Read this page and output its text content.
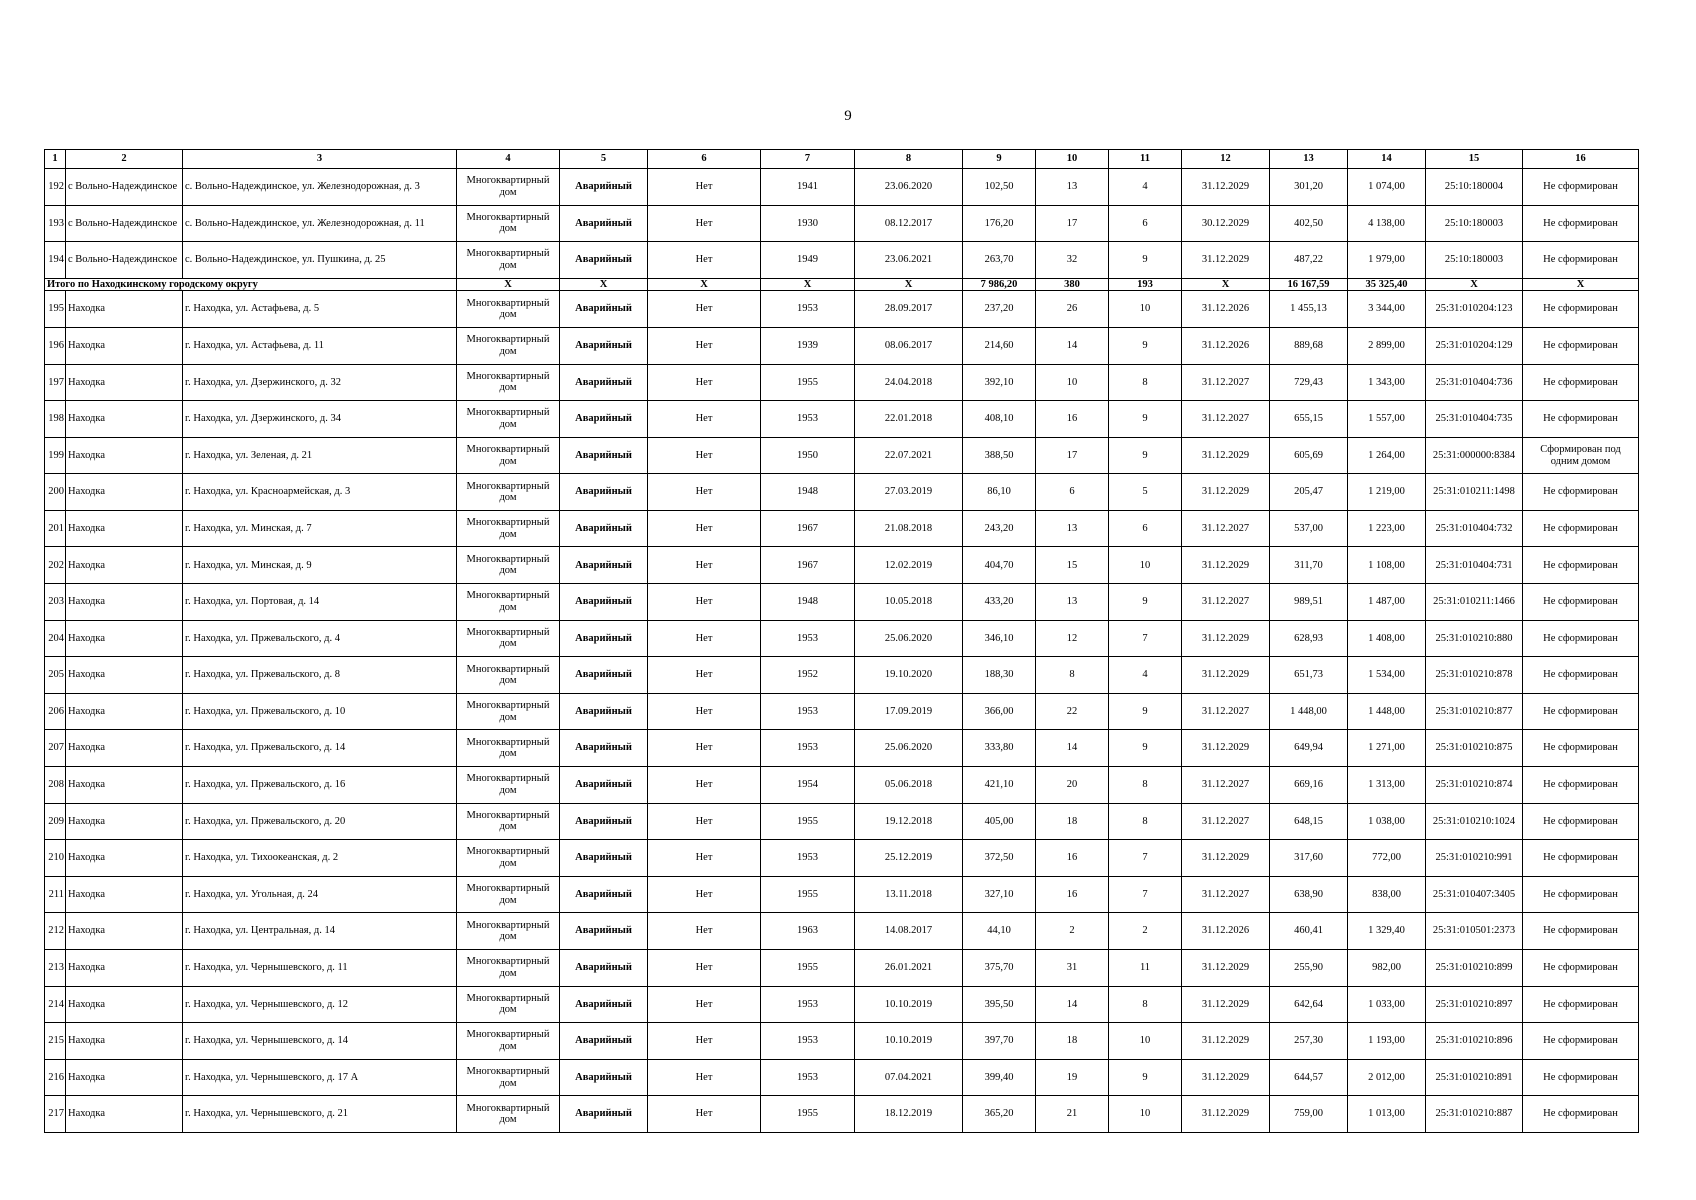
9
1	2	3	4	5	6	7	8	9	10	11	12	13	14	15	16
192	с Вольно-Надеждинское	с. Вольно-Надеждинское, ул. Железнодорожная, д. 3	Многоквартирный дом	Аварийный	Нет	1941	23.06.2020	102,50	13	4	31.12.2029	301,20	1 074,00	25:10:180004	Не сформирован
193	с Вольно-Надеждинское	с. Вольно-Надеждинское, ул. Железнодорожная, д. 11	Многоквартирный дом	Аварийный	Нет	1930	08.12.2017	176,20	17	6	30.12.2029	402,50	4 138,00	25:10:180003	Не сформирован
194	с Вольно-Надеждинское	с. Вольно-Надеждинское, ул. Пушкина, д. 25	Многоквартирный дом	Аварийный	Нет	1949	23.06.2021	263,70	32	9	31.12.2029	487,22	1 979,00	25:10:180003	Не сформирован
Итого по Находкинскому городскому округу			Х	Х	Х	Х	Х	7 986,20	380	193	Х	16 167,59	35 325,40	Х	Х
195	Находка	г. Находка, ул. Астафьева, д. 5	Многоквартирный дом	Аварийный	Нет	1953	28.09.2017	237,20	26	10	31.12.2026	1 455,13	3 344,00	25:31:010204:123	Не сформирован
196	Находка	г. Находка, ул. Астафьева, д. 11	Многоквартирный дом	Аварийный	Нет	1939	08.06.2017	214,60	14	9	31.12.2026	889,68	2 899,00	25:31:010204:129	Не сформирован
197	Находка	г. Находка, ул. Дзержинского, д. 32	Многоквартирный дом	Аварийный	Нет	1955	24.04.2018	392,10	10	8	31.12.2027	729,43	1 343,00	25:31:010404:736	Не сформирован
198	Находка	г. Находка, ул. Дзержинского, д. 34	Многоквартирный дом	Аварийный	Нет	1953	22.01.2018	408,10	16	9	31.12.2027	655,15	1 557,00	25:31:010404:735	Не сформирован
199	Находка	г. Находка, ул. Зеленая, д. 21	Многоквартирный дом	Аварийный	Нет	1950	22.07.2021	388,50	17	9	31.12.2029	605,69	1 264,00	25:31:000000:8384	Сформирован под одним домом
200	Находка	г. Находка, ул. Красноармейская, д. 3	Многоквартирный дом	Аварийный	Нет	1948	27.03.2019	86,10	6	5	31.12.2029	205,47	1 219,00	25:31:010211:1498	Не сформирован
201	Находка	г. Находка, ул. Минская, д. 7	Многоквартирный дом	Аварийный	Нет	1967	21.08.2018	243,20	13	6	31.12.2027	537,00	1 223,00	25:31:010404:732	Не сформирован
202	Находка	г. Находка, ул. Минская, д. 9	Многоквартирный дом	Аварийный	Нет	1967	12.02.2019	404,70	15	10	31.12.2029	311,70	1 108,00	25:31:010404:731	Не сформирован
203	Находка	г. Находка, ул. Портовая, д. 14	Многоквартирный дом	Аварийный	Нет	1948	10.05.2018	433,20	13	9	31.12.2027	989,51	1 487,00	25:31:010211:1466	Не сформирован
204	Находка	г. Находка, ул. Пржевальского, д. 4	Многоквартирный дом	Аварийный	Нет	1953	25.06.2020	346,10	12	7	31.12.2029	628,93	1 408,00	25:31:010210:880	Не сформирован
205	Находка	г. Находка, ул. Пржевальского, д. 8	Многоквартирный дом	Аварийный	Нет	1952	19.10.2020	188,30	8	4	31.12.2029	651,73	1 534,00	25:31:010210:878	Не сформирован
206	Находка	г. Находка, ул. Пржевальского, д. 10	Многоквартирный дом	Аварийный	Нет	1953	17.09.2019	366,00	22	9	31.12.2027	1 448,00	1 448,00	25:31:010210:877	Не сформирован
207	Находка	г. Находка, ул. Пржевальского, д. 14	Многоквартирный дом	Аварийный	Нет	1953	25.06.2020	333,80	14	9	31.12.2029	649,94	1 271,00	25:31:010210:875	Не сформирован
208	Находка	г. Находка, ул. Пржевальского, д. 16	Многоквартирный дом	Аварийный	Нет	1954	05.06.2018	421,10	20	8	31.12.2027	669,16	1 313,00	25:31:010210:874	Не сформирован
209	Находка	г. Находка, ул. Пржевальского, д. 20	Многоквартирный дом	Аварийный	Нет	1955	19.12.2018	405,00	18	8	31.12.2027	648,15	1 038,00	25:31:010210:1024	Не сформирован
210	Находка	г. Находка, ул. Тихоокеанская, д. 2	Многоквартирный дом	Аварийный	Нет	1953	25.12.2019	372,50	16	7	31.12.2029	317,60	772,00	25:31:010210:991	Не сформирован
211	Находка	г. Находка, ул. Угольная, д. 24	Многоквартирный дом	Аварийный	Нет	1955	13.11.2018	327,10	16	7	31.12.2027	638,90	838,00	25:31:010407:3405	Не сформирован
212	Находка	г. Находка, ул. Центральная, д. 14	Многоквартирный дом	Аварийный	Нет	1963	14.08.2017	44,10	2	2	31.12.2026	460,41	1 329,40	25:31:010501:2373	Не сформирован
213	Находка	г. Находка, ул. Чернышевского, д. 11	Многоквартирный дом	Аварийный	Нет	1955	26.01.2021	375,70	31	11	31.12.2029	255,90	982,00	25:31:010210:899	Не сформирован
214	Находка	г. Находка, ул. Чернышевского, д. 12	Многоквартирный дом	Аварийный	Нет	1953	10.10.2019	395,50	14	8	31.12.2029	642,64	1 033,00	25:31:010210:897	Не сформирован
215	Находка	г. Находка, ул. Чернышевского, д. 14	Многоквартирный дом	Аварийный	Нет	1953	10.10.2019	397,70	18	10	31.12.2029	257,30	1 193,00	25:31:010210:896	Не сформирован
216	Находка	г. Находка, ул. Чернышевского, д. 17 А	Многоквартирный дом	Аварийный	Нет	1953	07.04.2021	399,40	19	9	31.12.2029	644,57	2 012,00	25:31:010210:891	Не сформирован
217	Находка	г. Находка, ул. Чернышевского, д. 21	Многоквартирный дом	Аварийный	Нет	1955	18.12.2019	365,20	21	10	31.12.2029	759,00	1 013,00	25:31:010210:887	Не сформирован
